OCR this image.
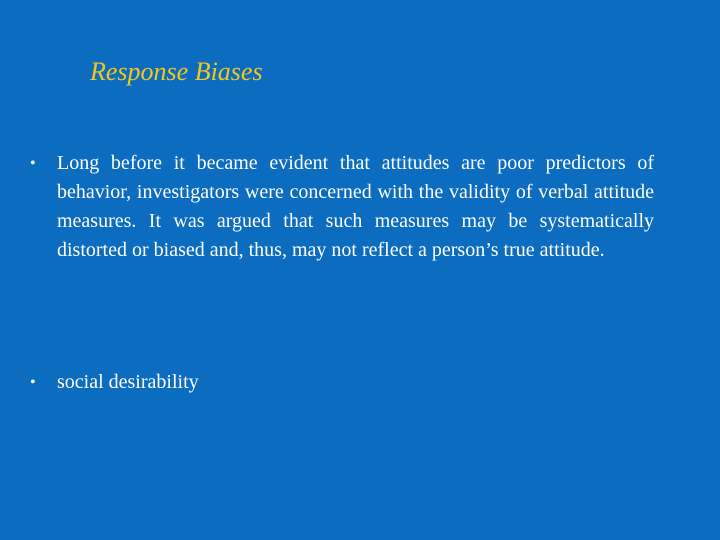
Response Biases
• Long before it became evident that attitudes are poor predictors of behavior, investigators were concerned with the validity of verbal attitude measures. It was argued that such measures may be systematically distorted or biased and, thus, may not reflect a person’s true attitude.
• social desirability
